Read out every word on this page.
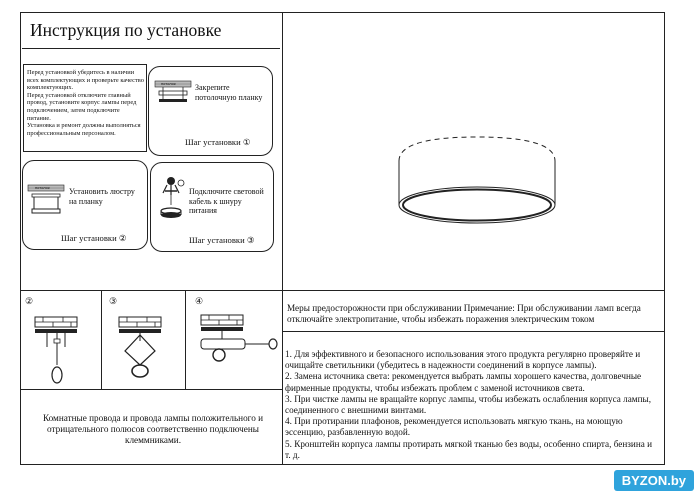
Инструкция по установке
Перед установкой убедитесь в наличии всех комплектующих и проверьте качество комплектующих.
Перед установкой отключите главный провод, установите корпус лампы перед подключением, затем подключите питание.
Установка и ремонт должны выполняться профессиональным персоналом.
потолок Закрепите потолочную планку
Шаг установки ①
потолок Установить люстру на планку
Шаг установки ②
Подключите световой кабель к шнуру питания
Шаг установки ③
②	③	④
Комнатные провода и провода лампы положительного и отрицательного полюсов соответственно подключены клеммниками.
Меры предосторожности при обслуживании Примечание: При обслуживании ламп всегда отключайте электропитание, чтобы избежать поражения электрическим током
1. Для эффективного и безопасного использования этого продукта регулярно проверяйте и очищайте светильники (убедитесь в надежности соединений в корпусе лампы).
2. Замена источника света: рекомендуется выбрать лампы хорошего качества, долговечные фирменные продукты, чтобы избежать проблем с заменой источников света.
3. При чистке лампы не вращайте корпус лампы, чтобы избежать ослабления корпуса лампы, соединенного с внешними винтами.
4. При протирании плафонов, рекомендуется использовать мягкую ткань, на моющую эссенцию, разбавленную водой.
5. Кронштейн корпуса лампы протирать мягкой тканью без воды, особенно спирта, бензина и т. д.
BYZON.by
